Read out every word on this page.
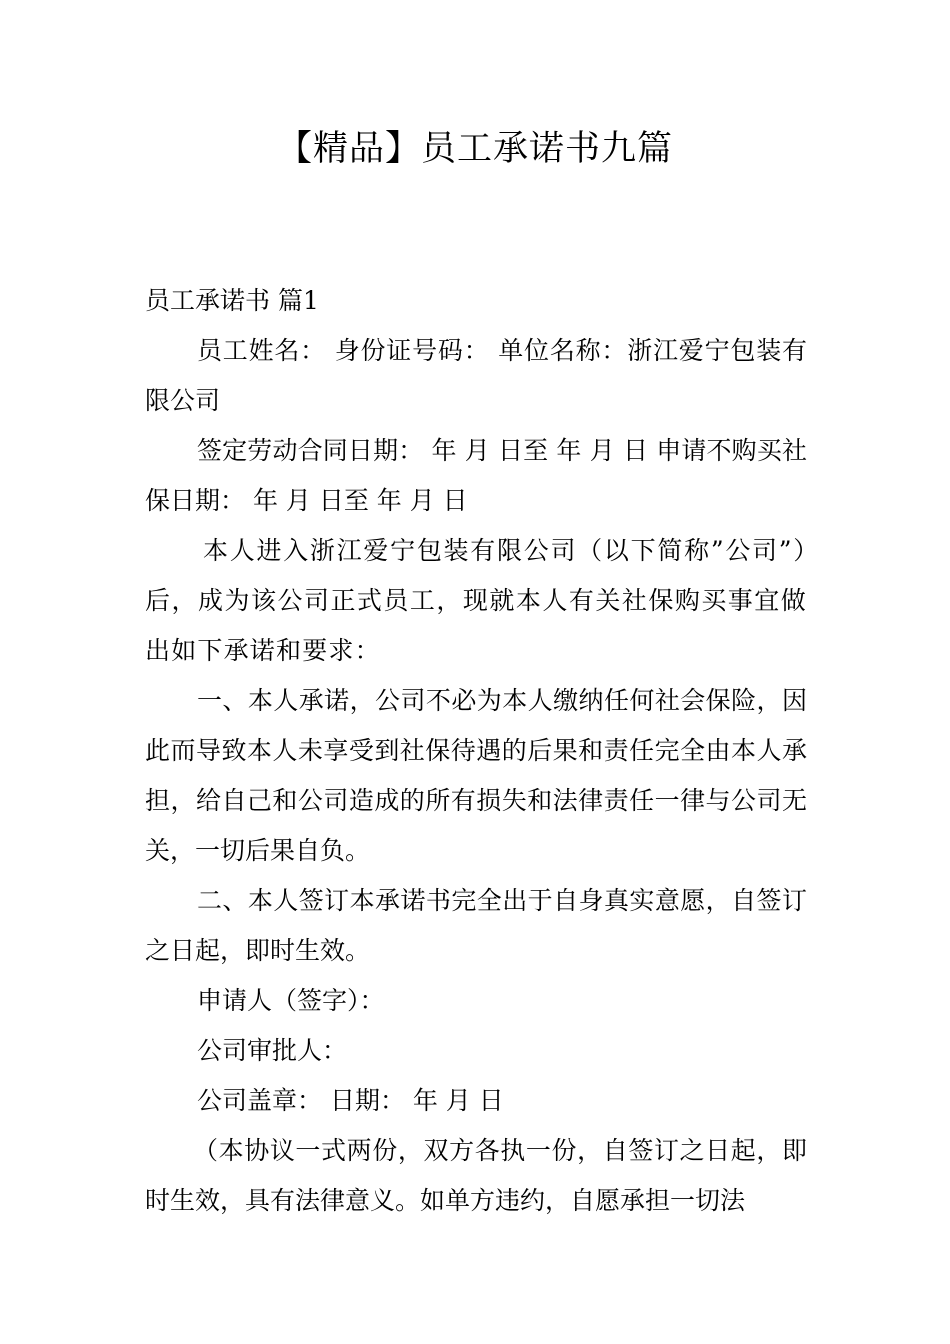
【精品】员工承诺书九篇

员工承诺书 篇1

员工姓名： 身份证号码： 单位名称：浙江爱宁包装有限公司

签定劳动合同日期： 年 月 日至 年 月 日 申请不购买社保日期： 年 月 日至 年 月 日

本人进入浙江爱宁包装有限公司（以下简称”公司”）后，成为该公司正式员工，现就本人有关社保购买事宜做出如下承诺和要求：

一、本人承诺，公司不必为本人缴纳任何社会保险，因此而导致本人未享受到社保待遇的后果和责任完全由本人承担，给自己和公司造成的所有损失和法律责任一律与公司无关，一切后果自负。

二、本人签订本承诺书完全出于自身真实意愿，自签订之日起，即时生效。

申请人（签字）：

公司审批人：

公司盖章： 日期： 年 月 日

（本协议一式两份，双方各执一份，自签订之日起，即时生效，具有法律意义。如单方违约，自愿承担一切法
